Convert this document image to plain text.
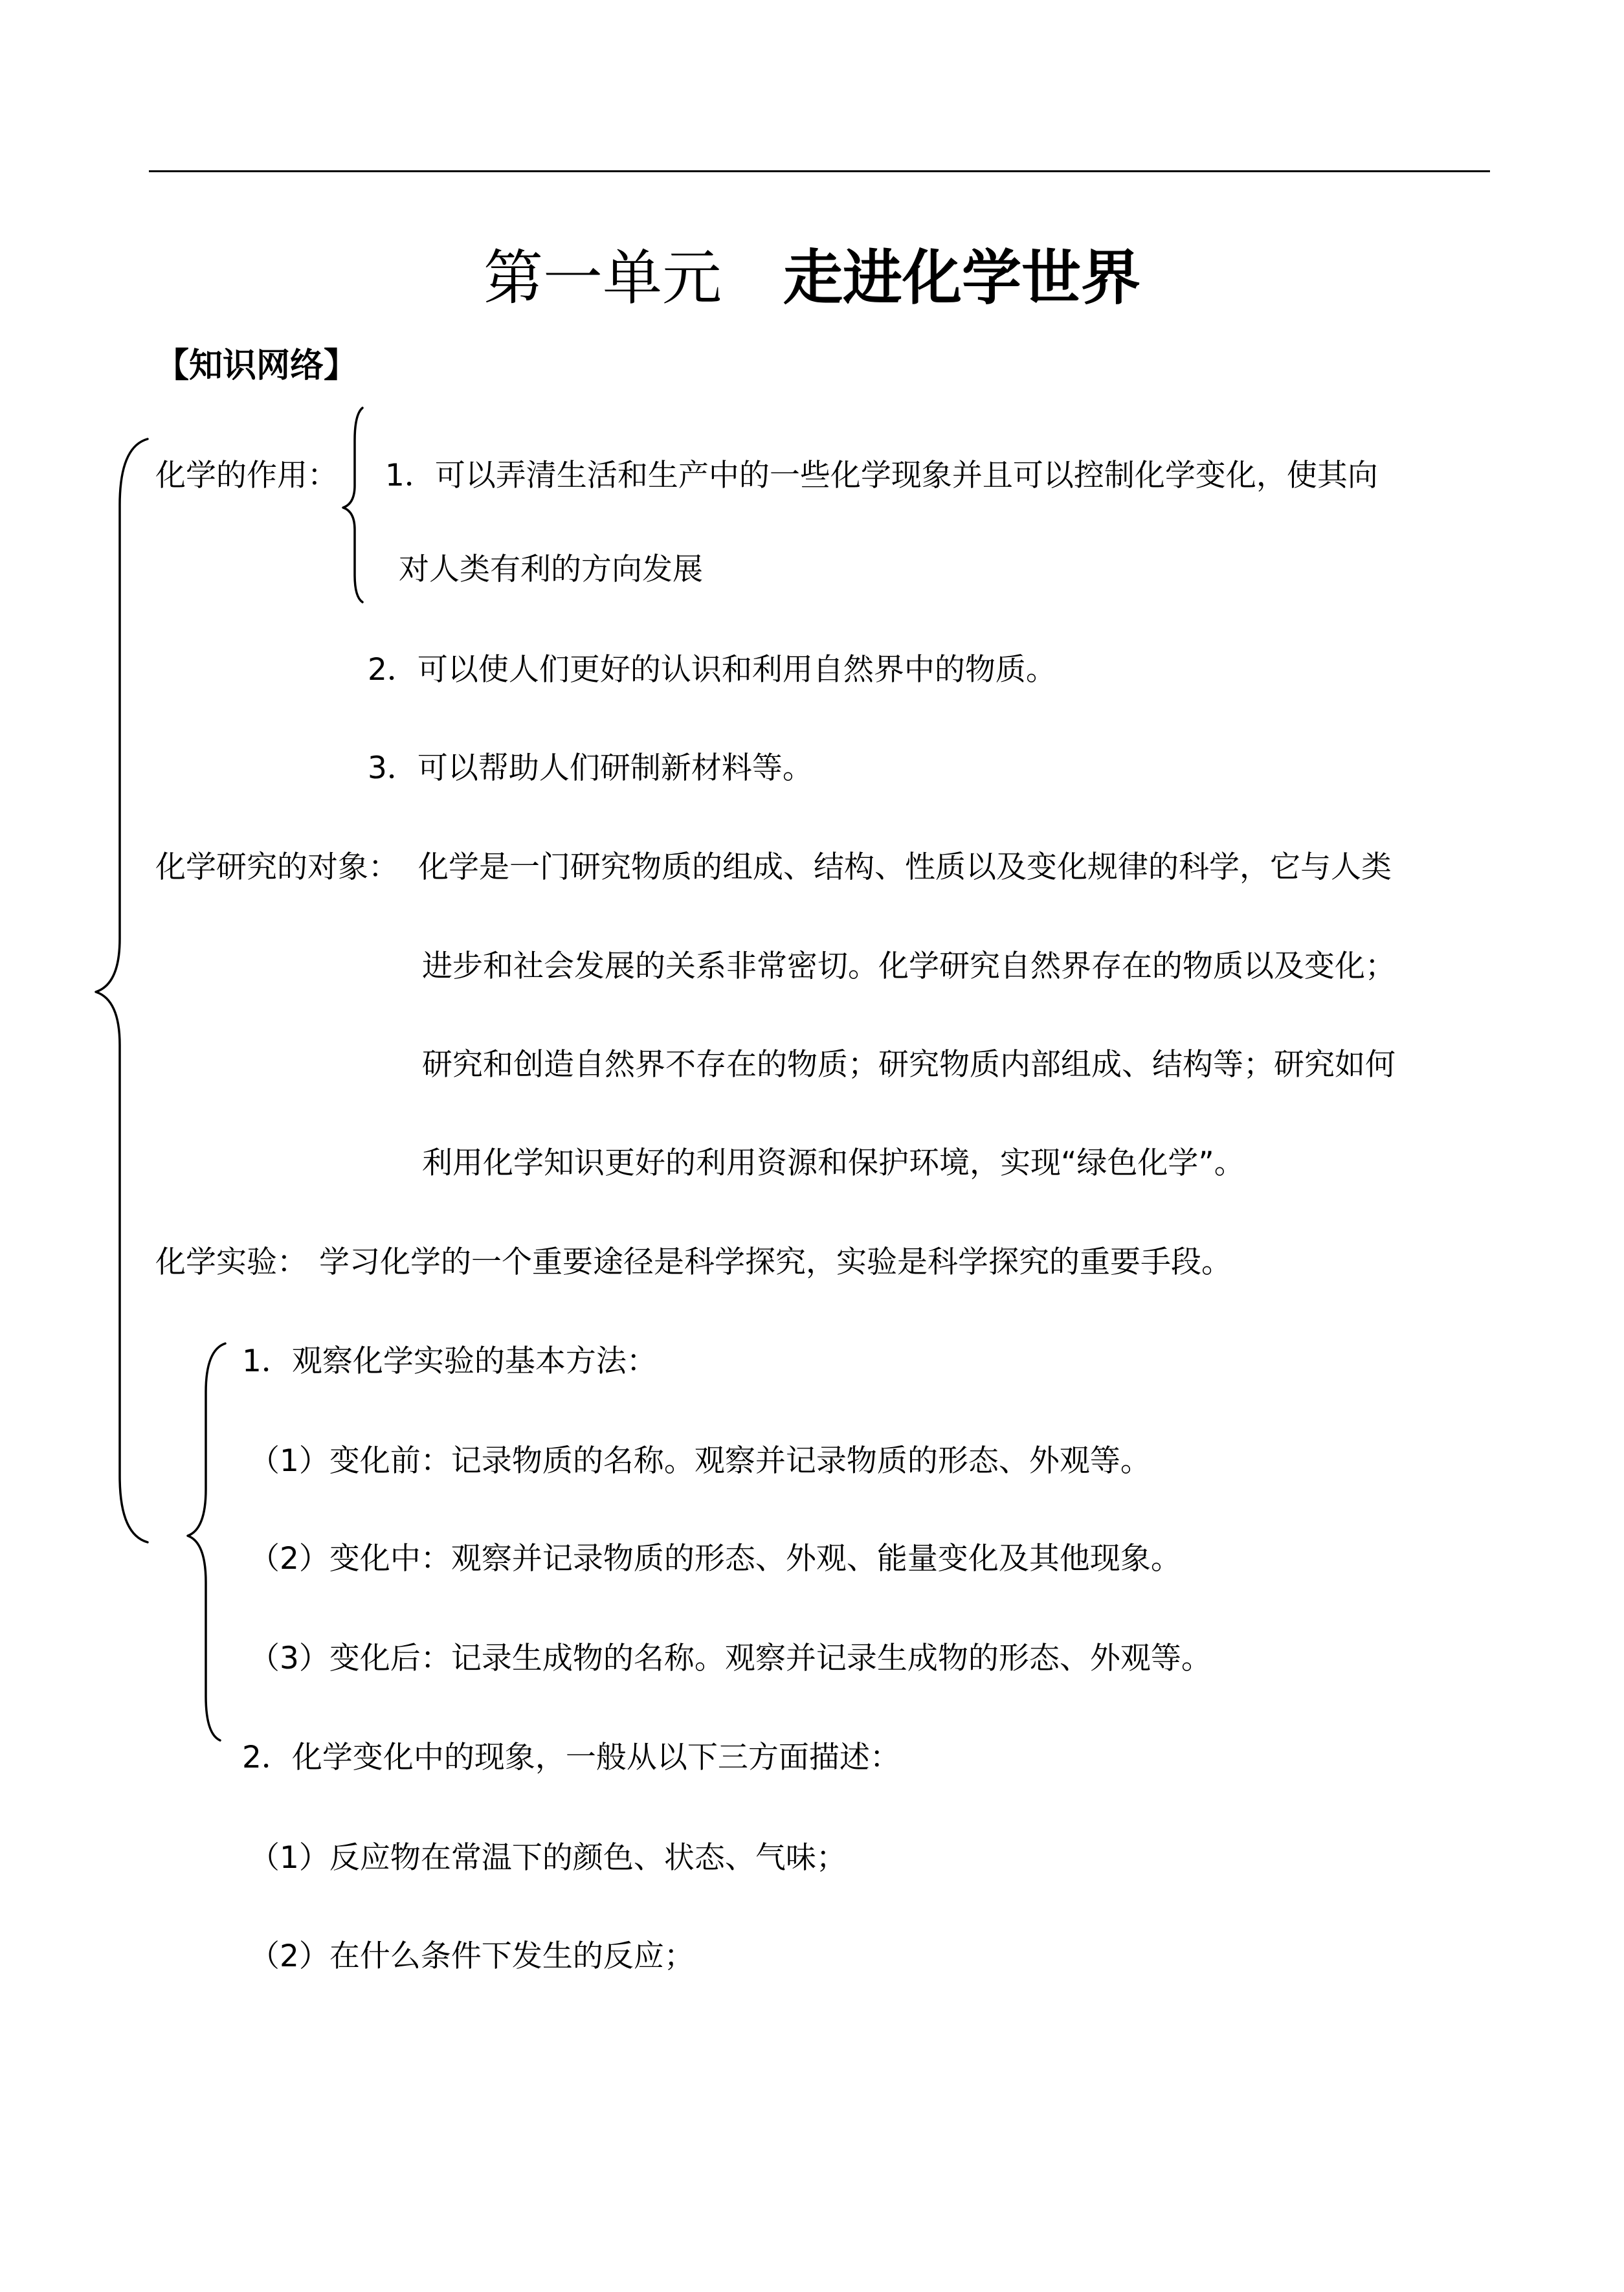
第一单元 走进化学世界
【知识网络】
化学的作用： 1．可以弄清生活和生产中的一些化学现象并且可以控制化学变化，使其向
对人类有利的方向发展
2．可以使人们更好的认识和利用自然界中的物质。
3．可以帮助人们研制新材料等。
化学研究的对象： 化学是一门研究物质的组成、结构、性质以及变化规律的科学，它与人类
进步和社会发展的关系非常密切。化学研究自然界存在的物质以及变化；
研究和创造自然界不存在的物质；研究物质内部组成、结构等；研究如何
利用化学知识更好的利用资源和保护环境，实现“绿色化学”。
化学实验： 学习化学的一个重要途径是科学探究，实验是科学探究的重要手段。
1．观察化学实验的基本方法：
（1）变化前：记录物质的名称。观察并记录物质的形态、外观等。
（2）变化中：观察并记录物质的形态、外观、能量变化及其他现象。
（3）变化后：记录生成物的名称。观察并记录生成物的形态、外观等。
2．化学变化中的现象，一般从以下三方面描述：
（1）反应物在常温下的颜色、状态、气味；
（2）在什么条件下发生的反应；
